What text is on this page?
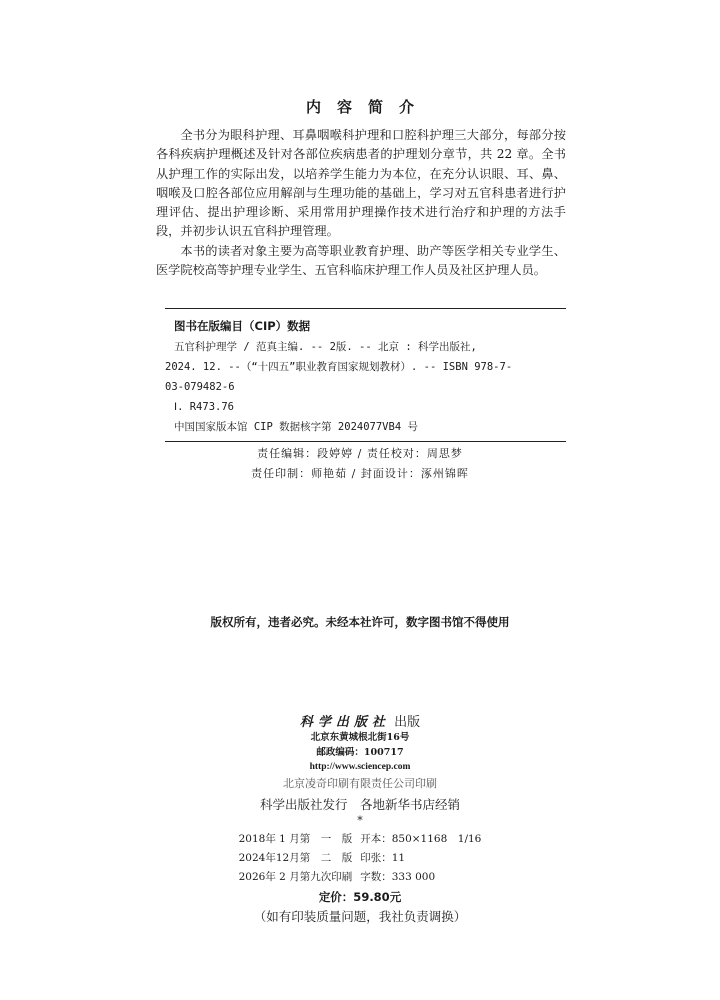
内容简介

全书分为眼科护理、耳鼻咽喉科护理和口腔科护理三大部分，每部分按各科疾病护理概述及针对各部位疾病患者的护理划分章节，共 22 章。全书从护理工作的实际出发，以培养学生能力为本位，在充分认识眼、耳、鼻、咽喉及口腔各部位应用解剖与生理功能的基础上，学习对五官科患者进行护理评估、提出护理诊断、采用常用护理操作技术进行治疗和护理的方法手段，并初步认识五官科护理管理。

本书的读者对象主要为高等职业教育护理、助产等医学相关专业学生、医学院校高等护理专业学生、五官科临床护理工作人员及社区护理人员。

图书在版编目（CIP）数据
五官科护理学 / 范真主编. -- 2版. -- 北京 : 科学出版社,
2024. 12. --（“十四五”职业教育国家规划教材）. -- ISBN 978-7-
03-079482-6
Ⅰ. R473.76
中国国家版本馆 CIP 数据核字第 2024077VB4 号
责任编辑：段婷婷 / 责任校对：周思梦
责任印制：师艳茹 / 封面设计：涿州锦晖
版权所有，违者必究。未经本社许可，数字图书馆不得使用
科学出版社 出版
北京东黄城根北街16号
邮政编码：100717
http://www.sciencep.com
北京凌奇印刷有限责任公司印刷
科学出版社发行　各地新华书店经销
*
2018年 1 月第　一　版	开本：850×1168　1/16
2024年12月第　二　版	印张：11
2026年 2 月第九次印刷	字数：333 000
定价：59.80元
（如有印装质量问题，我社负责调换）
